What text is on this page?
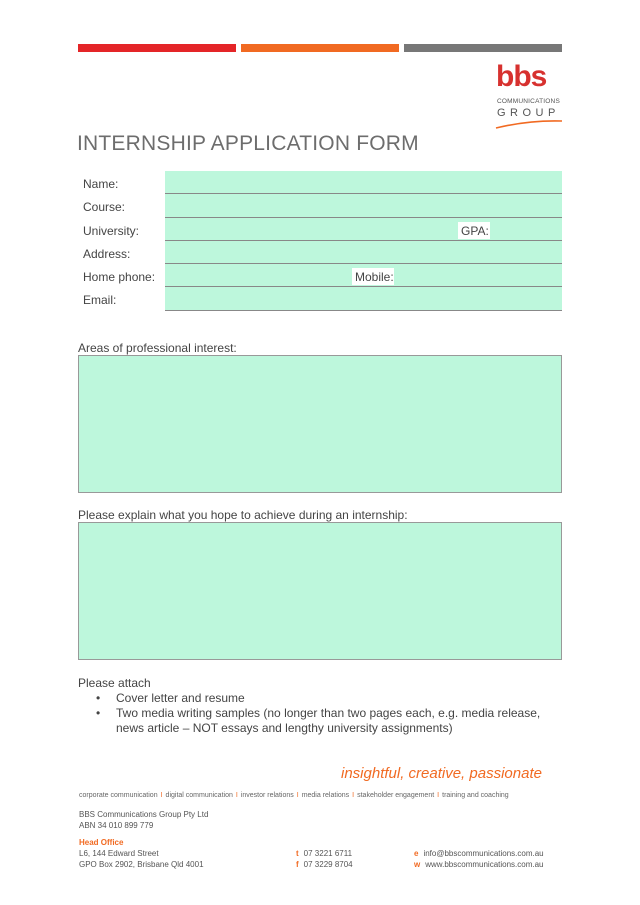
bbs
COMMUNICATIONS
GROUP
INTERNSHIP APPLICATION FORM
Name:
Course:
University:	GPA:
Address:
Home phone:	Mobile:
Email:
Areas of professional interest:
Please explain what you hope to achieve during an internship:
Please attach
• Cover letter and resume
• Two media writing samples (no longer than two pages each, e.g. media release, news article – NOT essays and lengthy university assignments)
insightful, creative, passionate
corporate communication I digital communication I investor relations I media relations I stakeholder engagement I training and coaching
BBS Communications Group Pty Ltd
ABN 34 010 899 779
Head Office
L6, 144 Edward Street
GPO Box 2902, Brisbane Qld 4001
t 07 3221 6711
f 07 3229 8704
e info@bbscommunications.com.au
w www.bbscommunications.com.au
